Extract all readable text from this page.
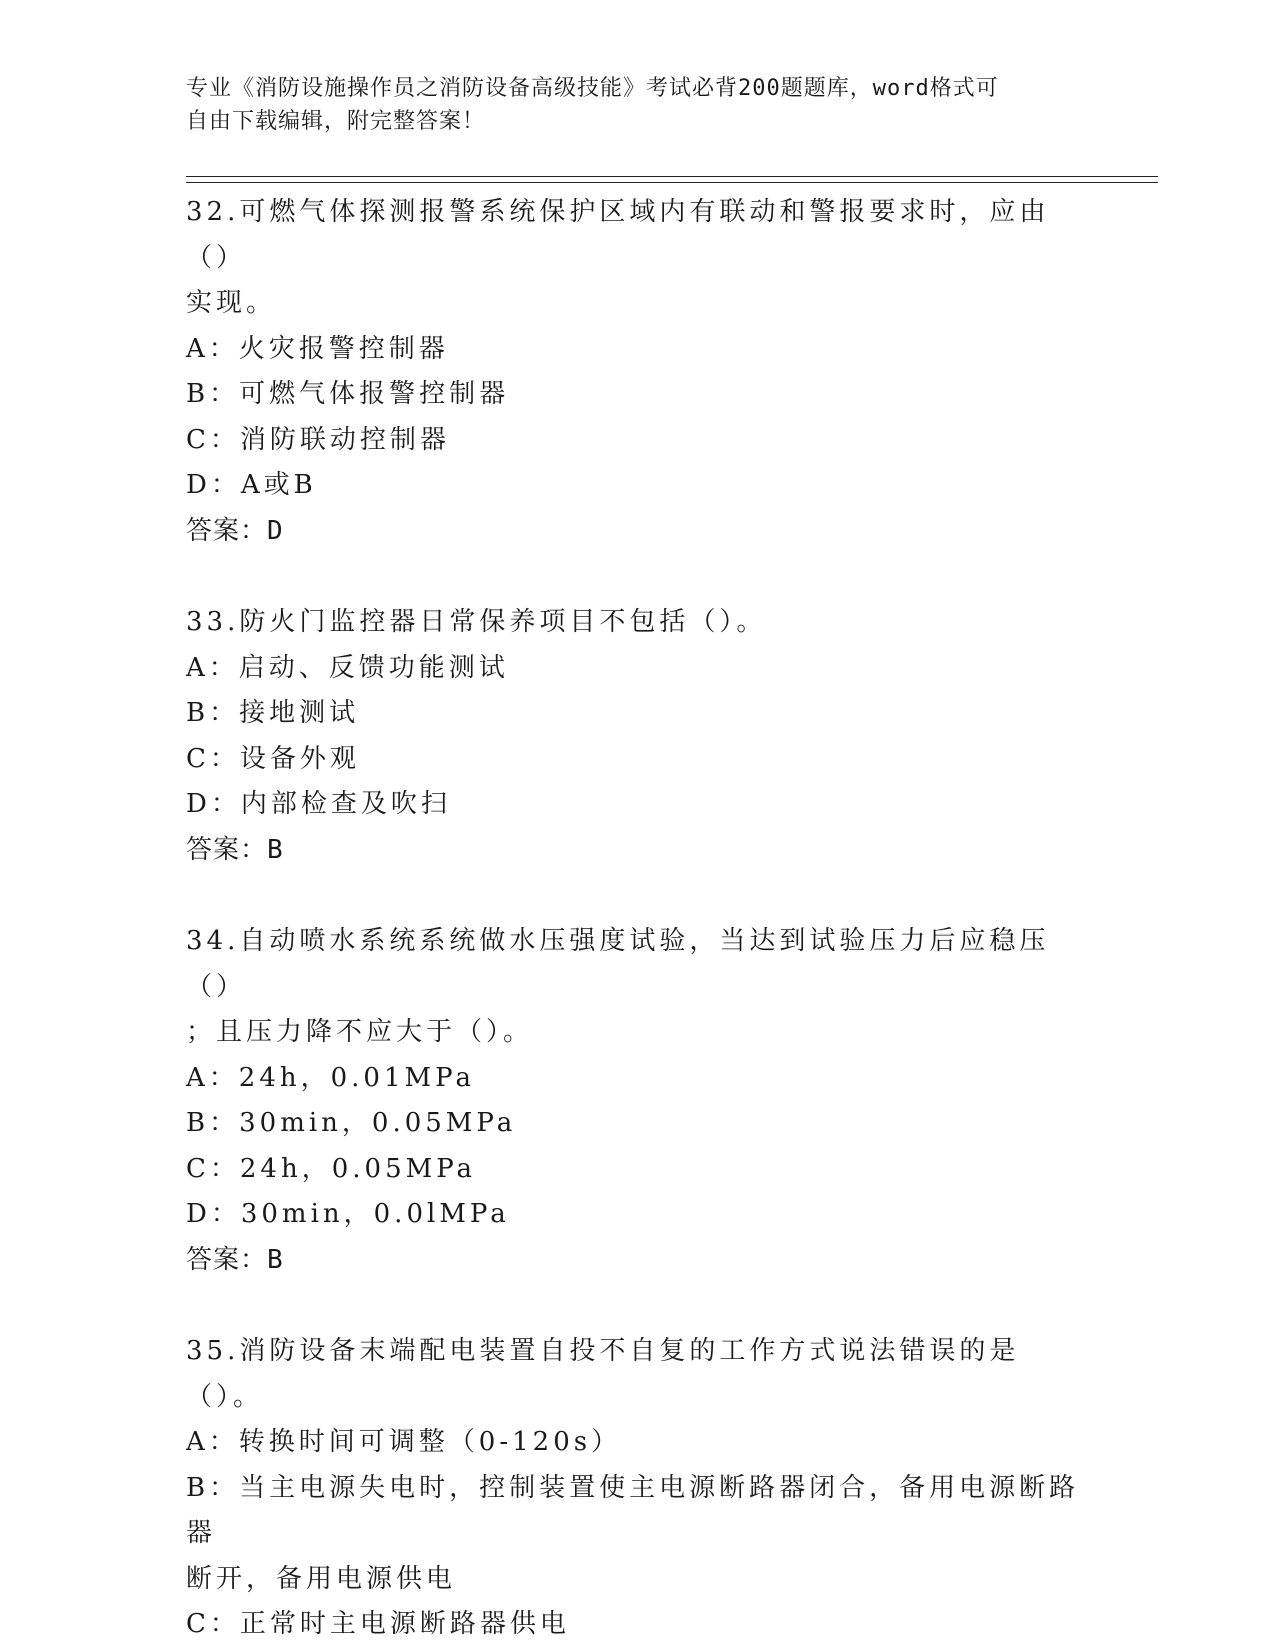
专业《消防设施操作员之消防设备高级技能》考试必背200题题库，word格式可
自由下载编辑，附完整答案！

32.可燃气体探测报警系统保护区域内有联动和警报要求时，应由（）

实现。

A：火灾报警控制器

B：可燃气体报警控制器

C：消防联动控制器

D：A或B

答案：D

33.防火门监控器日常保养项目不包括（）。

A：启动、反馈功能测试

B：接地测试

C：设备外观

D：内部检查及吹扫

答案：B

34.自动喷水系统系统做水压强度试验，当达到试验压力后应稳压（）

；且压力降不应大于（）。

A：24h，0.01MPa

B：30min，0.05MPa

C：24h，0.05MPa

D：30min，0.0lMPa

答案：B

35.消防设备末端配电装置自投不自复的工作方式说法错误的是（）。

A：转换时间可调整（0-120s）

B：当主电源失电时，控制装置使主电源断路器闭合，备用电源断路器

断开，备用电源供电

C：正常时主电源断路器供电
